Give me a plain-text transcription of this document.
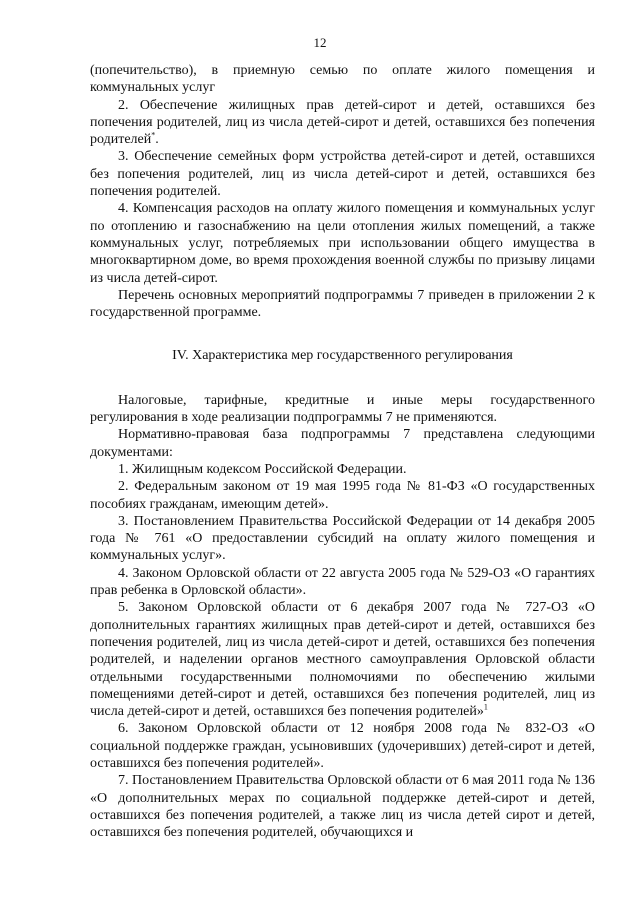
12

(попечительство), в приемную семью по оплате жилого помещения и коммунальных услуг

2. Обеспечение жилищных прав детей-сирот и детей, оставшихся без попечения родителей, лиц из числа детей-сирот и детей, оставшихся без попечения родителей*.

3. Обеспечение семейных форм устройства детей-сирот и детей, оставшихся без попечения родителей, лиц из числа детей-сирот и детей, оставшихся без попечения родителей.

4. Компенсация расходов на оплату жилого помещения и коммунальных услуг по отоплению и газоснабжению на цели отопления жилых помещений, а также коммунальных услуг, потребляемых при использовании общего имущества в многоквартирном доме, во время прохождения военной службы по призыву лицами из числа детей-сирот.

Перечень основных мероприятий подпрограммы 7 приведен в приложении 2 к государственной программе.

IV. Характеристика мер государственного регулирования

Налоговые, тарифные, кредитные и иные меры государственного регулирования в ходе реализации подпрограммы 7 не применяются.

Нормативно-правовая база подпрограммы 7 представлена следующими документами:

1. Жилищным кодексом Российской Федерации.

2. Федеральным законом от 19 мая 1995 года № 81-ФЗ «О государственных пособиях гражданам, имеющим детей».

3. Постановлением Правительства Российской Федерации от 14 декабря 2005 года № 761 «О предоставлении субсидий на оплату жилого помещения и коммунальных услуг».

4. Законом Орловской области от 22 августа 2005 года № 529-ОЗ «О гарантиях прав ребенка в Орловской области».

5. Законом Орловской области от 6 декабря 2007 года № 727-ОЗ «О дополнительных гарантиях жилищных прав детей-сирот и детей, оставшихся без попечения родителей, лиц из числа детей-сирот и детей, оставшихся без попечения родителей, и наделении органов местного самоуправления Орловской области отдельными государственными полномочиями по обеспечению жилыми помещениями детей-сирот и детей, оставшихся без попечения родителей, лиц из числа детей-сирот и детей, оставшихся без попечения родителей»$^1$

6. Законом Орловской области от 12 ноября 2008 года № 832-ОЗ «О социальной поддержке граждан, усыновивших (удочеривших) детей-сирот и детей, оставшихся без попечения родителей».

7. Постановлением Правительства Орловской области от 6 мая 2011 года № 136 «О дополнительных мерах по социальной поддержке детей-сирот и детей, оставшихся без попечения родителей, а также лиц из числа детей сирот и детей, оставшихся без попечения родителей, обучающихся и
